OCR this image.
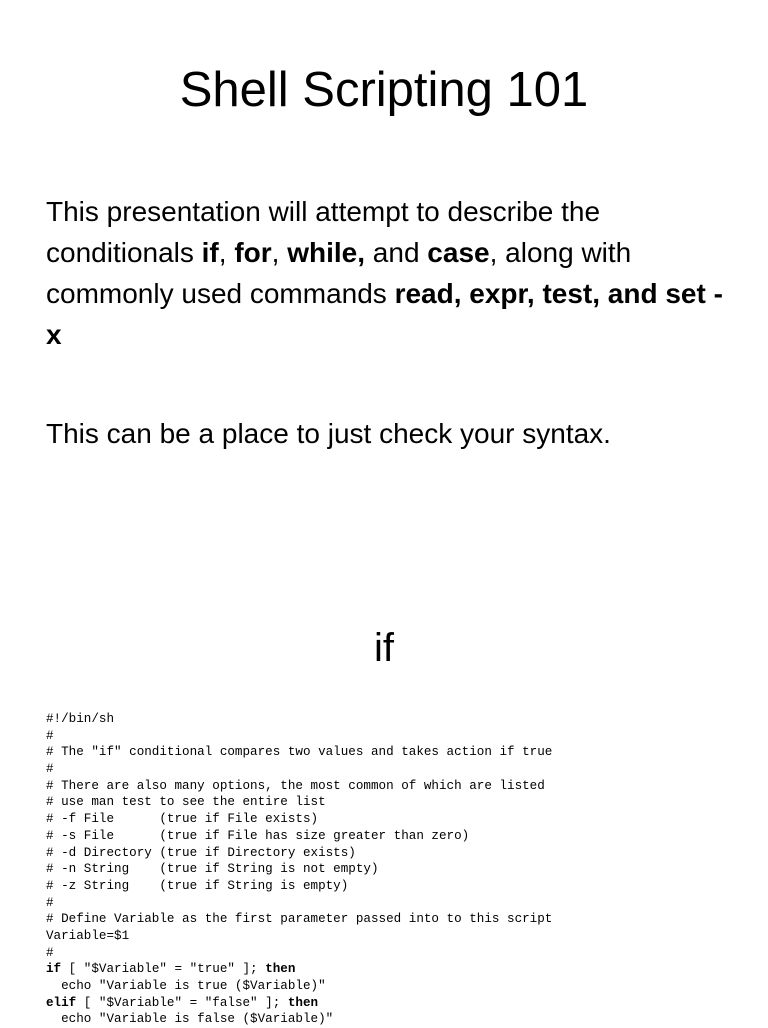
Shell Scripting 101

This presentation will attempt to describe the conditionals if, for, while, and case, along with commonly used commands read, expr, test, and set -x

This can be a place to just check your syntax.

if
#!/bin/sh
#
# The "if" conditional compares two values and takes action if true
#
# There are also many options, the most common of which are listed
# use man test to see the entire list
# -f File      (true if File exists)
# -s File      (true if File has size greater than zero)
# -d Directory (true if Directory exists)
# -n String    (true if String is not empty)
# -z String    (true if String is empty)
#
# Define Variable as the first parameter passed into to this script
Variable=$1
#
if [ "$Variable" = "true" ]; then
echo "Variable is true ($Variable)"
elif [ "$Variable" = "false" ]; then
echo "Variable is false ($Variable)"
